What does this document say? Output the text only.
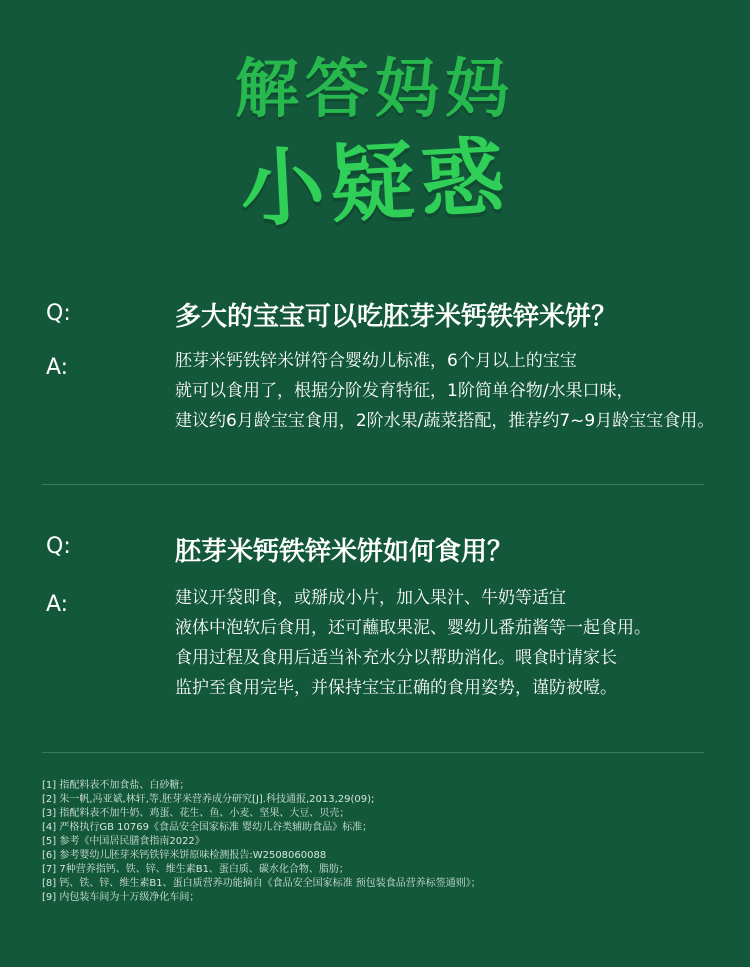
解答妈妈
小疑惑
Q:	多大的宝宝可以吃胚芽米钙铁锌米饼？
A:	胚芽米钙铁锌米饼符合婴幼儿标准，6个月以上的宝宝
就可以食用了，根据分阶发育特征，1阶简单谷物/水果口味，
建议约6月龄宝宝食用，2阶水果/蔬菜搭配，推荐约7~9月龄宝宝食用。
Q:	胚芽米钙铁锌米饼如何食用？
A:	建议开袋即食，或掰成小片，加入果汁、牛奶等适宜
液体中泡软后食用，还可蘸取果泥、婴幼儿番茄酱等一起食用。
食用过程及食用后适当补充水分以帮助消化。喂食时请家长
监护至食用完毕，并保持宝宝正确的食用姿势，谨防被噎。
[1] 指配料表不加食盐、白砂糖；
[2] 朱一帆,冯亚斌,林轩,等.胚芽米营养成分研究[J].科技通报,2013,29(09);
[3] 指配料表不加牛奶、鸡蛋、花生、鱼、小麦、坚果、大豆、贝壳；
[4] 严格执行GB 10769《食品安全国家标准 婴幼儿谷类辅助食品》标准；
[5] 参考《中国居民膳食指南2022》
[6] 参考婴幼儿胚芽米钙铁锌米饼原味检测报告:W2508060088
[7] 7种营养指钙、铁、锌、维生素B1、蛋白质、碳水化合物、脂肪；
[8] 钙、铁、锌、维生素B1、蛋白质营养功能摘自《食品安全国家标准 预包装食品营养标签通则》；
[9] 内包装车间为十万级净化车间；
